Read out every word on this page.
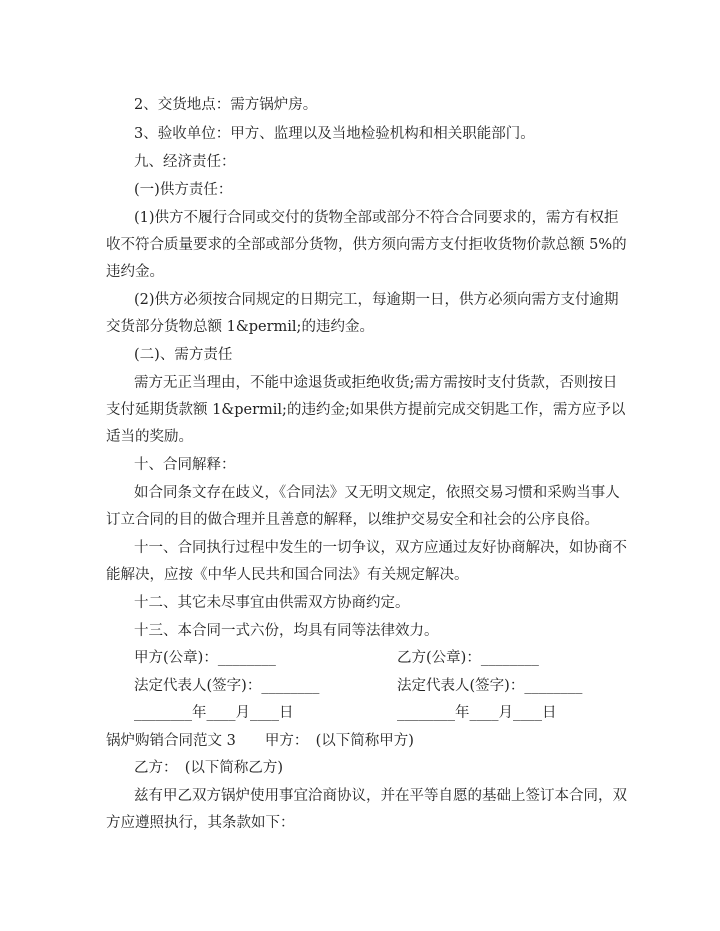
2、交货地点：需方锅炉房。
3、验收单位：甲方、监理以及当地检验机构和相关职能部门。
九、经济责任：
(一)供方责任：
(1)供方不履行合同或交付的货物全部或部分不符合合同要求的，需方有权拒
收不符合质量要求的全部或部分货物，供方须向需方支付拒收货物价款总额 5%的
违约金。
(2)供方必须按合同规定的日期完工，每逾期一日，供方必须向需方支付逾期
交货部分货物总额 1&permil;的违约金。
(二)、需方责任
需方无正当理由，不能中途退货或拒绝收货;需方需按时支付货款，否则按日
支付延期货款额 1&permil;的违约金;如果供方提前完成交钥匙工作，需方应予以
适当的奖励。
十、合同解释：
如合同条文存在歧义，《合同法》又无明文规定，依照交易习惯和采购当事人
订立合同的目的做合理并且善意的解释，以维护交易安全和社会的公序良俗。
十一、合同执行过程中发生的一切争议，双方应通过友好协商解决，如协商不
能解决，应按《中华人民共和国合同法》有关规定解决。
十二、其它未尽事宜由供需双方协商约定。
十三、本合同一式六份，均具有同等法律效力。
甲方(公章)：________	乙方(公章)：________
法定代表人(签字)：________	法定代表人(签字)：________
________年____月____日	________年____月____日
锅炉购销合同范文 3　　甲方：　(以下简称甲方)
乙方：　(以下简称乙方)
兹有甲乙双方锅炉使用事宜洽商协议，并在平等自愿的基础上签订本合同，双
方应遵照执行，其条款如下：
